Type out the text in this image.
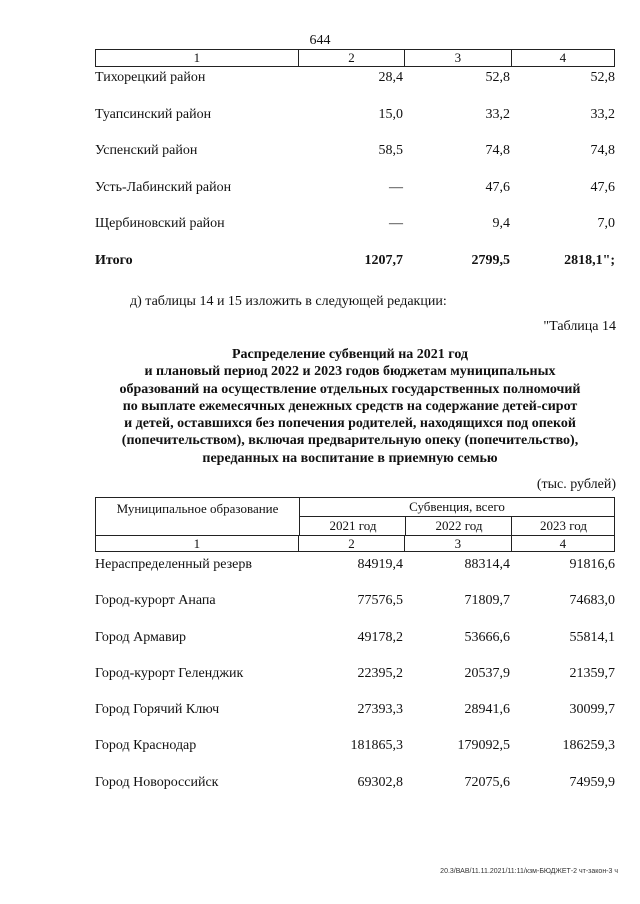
644
1	2	3	4
Тихорецкий район	28,4	52,8	52,8
Туапсинский район	15,0	33,2	33,2
Успенский район	58,5	74,8	74,8
Усть-Лабинский район	—	47,6	47,6
Щербиновский район	—	9,4	7,0
Итого	1207,7	2799,5	2818,1";
д) таблицы 14 и 15 изложить в следующей редакции:
"Таблица 14
Распределение субвенций на 2021 год
и плановый период 2022 и 2023 годов бюджетам муниципальных
образований на осуществление отдельных государственных полномочий
по выплате ежемесячных денежных средств на содержание детей-сирот
и детей, оставшихся без попечения родителей, находящихся под опекой
(попечительством), включая предварительную опеку (попечительство),
переданных на воспитание в приемную семью
(тыс. рублей)
Муниципальное образование	Субвенция, всего
2021 год	2022 год	2023 год
1	2	3	4
Нераспределенный резерв	84919,4	88314,4	91816,6
Город-курорт Анапа	77576,5	71809,7	74683,0
Город Армавир	49178,2	53666,6	55814,1
Город-курорт Геленджик	22395,2	20537,9	21359,7
Город Горячий Ключ	27393,3	28941,6	30099,7
Город Краснодар	181865,3	179092,5	186259,3
Город Новороссийск	69302,8	72075,6	74959,9
20.3/ВАВ/11.11.2021/11:11/кзм-БЮДЖЕТ-2 чт-закон-3 ч
